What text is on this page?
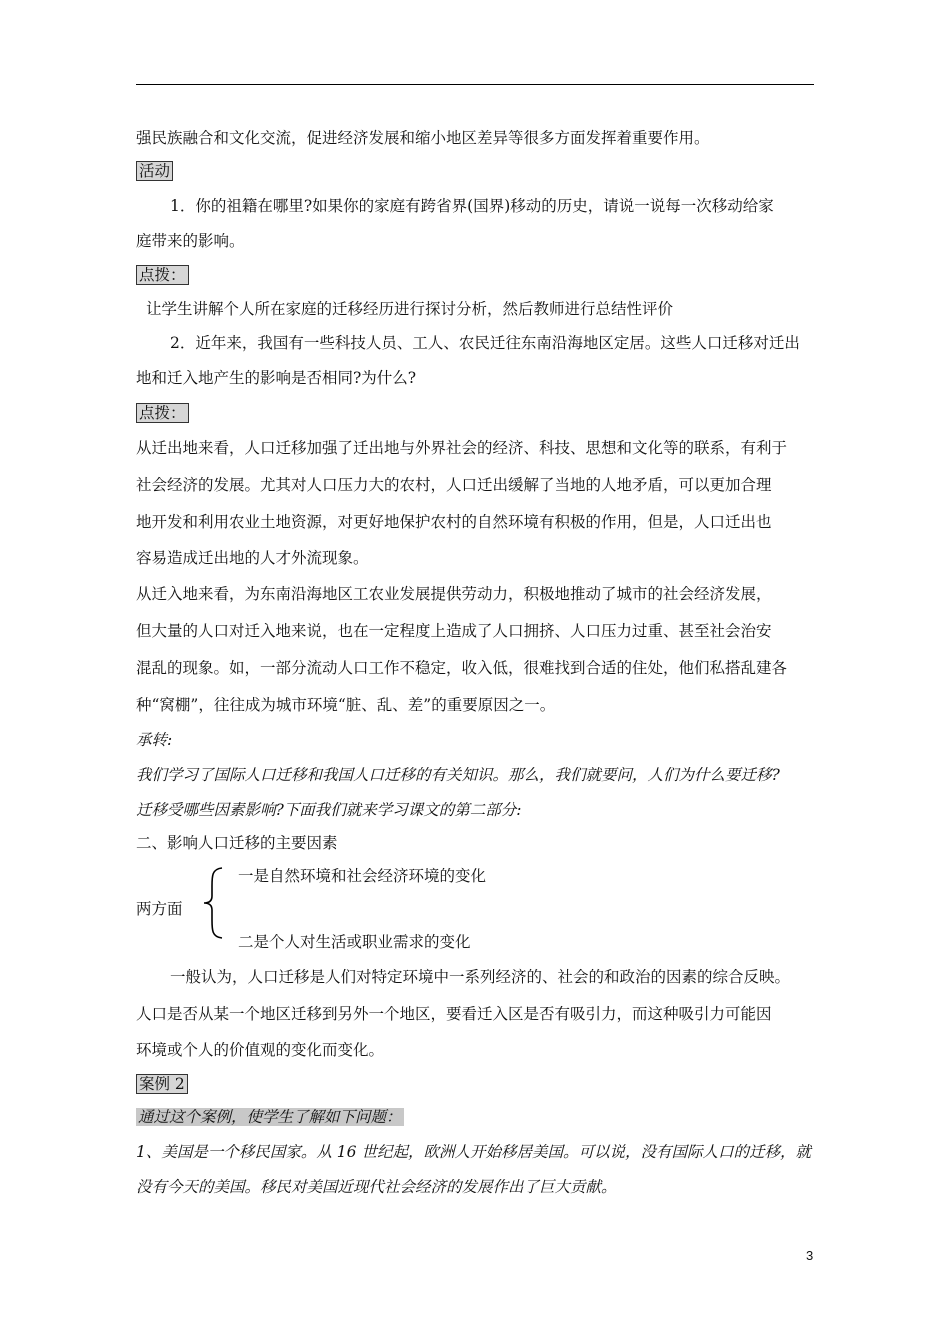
强民族融合和文化交流，促进经济发展和缩小地区差异等很多方面发挥着重要作用。
活动
1．你的祖籍在哪里?如果你的家庭有跨省界(国界)移动的历史，请说一说每一次移动给家
庭带来的影响。
点拨：
让学生讲解个人所在家庭的迁移经历进行探讨分析，然后教师进行总结性评价
2．近年来，我国有一些科技人员、工人、农民迁往东南沿海地区定居。这些人口迁移对迁出
地和迁入地产生的影响是否相同?为什么?
点拨：
从迁出地来看，人口迁移加强了迁出地与外界社会的经济、科技、思想和文化等的联系，有利于
社会经济的发展。尤其对人口压力大的农村，人口迁出缓解了当地的人地矛盾，可以更加合理
地开发和利用农业土地资源，对更好地保护农村的自然环境有积极的作用，但是，人口迁出也
容易造成迁出地的人才外流现象。
从迁入地来看，为东南沿海地区工农业发展提供劳动力，积极地推动了城市的社会经济发展，
但大量的人口对迁入地来说，也在一定程度上造成了人口拥挤、人口压力过重、甚至社会治安
混乱的现象。如，一部分流动人口工作不稳定，收入低，很难找到合适的住处，他们私搭乱建各
种“窝棚”，往往成为城市环境“脏、乱、差”的重要原因之一。
承转:
我们学习了国际人口迁移和我国人口迁移的有关知识。那么，我们就要问，人们为什么要迁移?
迁移受哪些因素影响?下面我们就来学习课文的第二部分:
二、影响人口迁移的主要因素
一是自然环境和社会经济环境的变化
两方面
二是个人对生活或职业需求的变化
一般认为，人口迁移是人们对特定环境中一系列经济的、社会的和政治的因素的综合反映。
人口是否从某一个地区迁移到另外一个地区，要看迁入区是否有吸引力，而这种吸引力可能因
环境或个人的价值观的变化而变化。
案例 2
通过这个案例，使学生了解如下问题：
1、美国是一个移民国家。从 16 世纪起，欧洲人开始移居美国。可以说，没有国际人口的迁移，就
没有今天的美国。移民对美国近现代社会经济的发展作出了巨大贡献。
3
